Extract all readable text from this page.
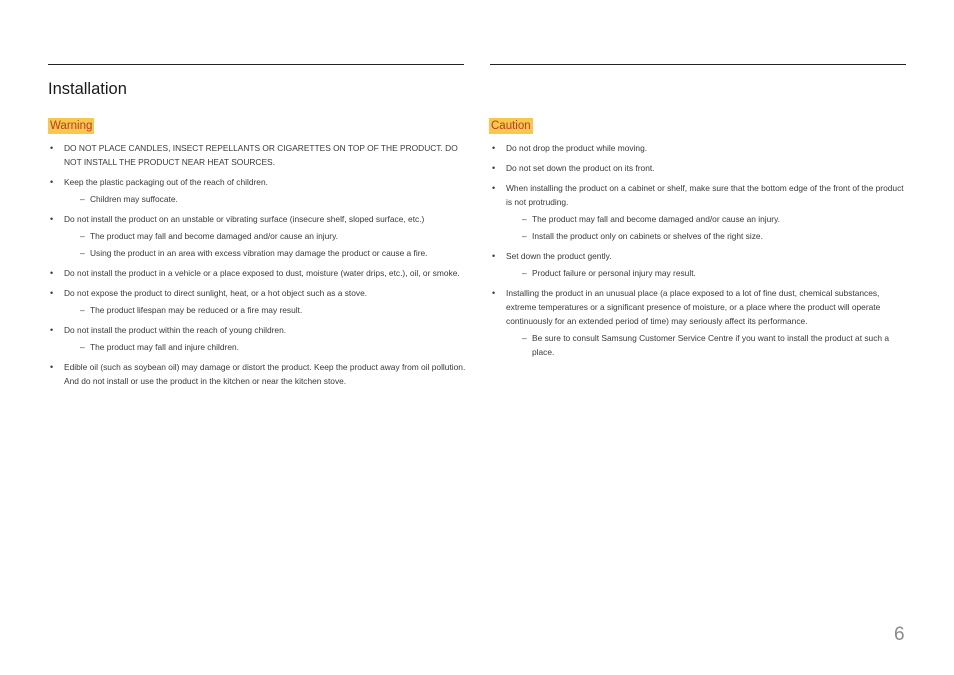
Installation
Warning	Caution
• DO NOT PLACE CANDLES, INSECT REPELLANTS OR CIGARETTES ON TOP OF THE PRODUCT. DO NOT INSTALL THE PRODUCT NEAR HEAT SOURCES.
• Keep the plastic packaging out of the reach of children.
– Children may suffocate.
• Do not install the product on an unstable or vibrating surface (insecure shelf, sloped surface, etc.)
– The product may fall and become damaged and/or cause an injury.
– Using the product in an area with excess vibration may damage the product or cause a fire.
• Do not install the product in a vehicle or a place exposed to dust, moisture (water drips, etc.), oil, or smoke.
• Do not expose the product to direct sunlight, heat, or a hot object such as a stove.
– The product lifespan may be reduced or a fire may result.
• Do not install the product within the reach of young children.
– The product may fall and injure children.
• Edible oil (such as soybean oil) may damage or distort the product. Keep the product away from oil pollution. And do not install or use the product in the kitchen or near the kitchen stove.
• Do not drop the product while moving.
• Do not set down the product on its front.
• When installing the product on a cabinet or shelf, make sure that the bottom edge of the front of the product is not protruding.
– The product may fall and become damaged and/or cause an injury.
– Install the product only on cabinets or shelves of the right size.
• Set down the product gently.
– Product failure or personal injury may result.
• Installing the product in an unusual place (a place exposed to a lot of fine dust, chemical substances, extreme temperatures or a significant presence of moisture, or a place where the product will operate continuously for an extended period of time) may seriously affect its performance.
– Be sure to consult Samsung Customer Service Centre if you want to install the product at such a place.
6
